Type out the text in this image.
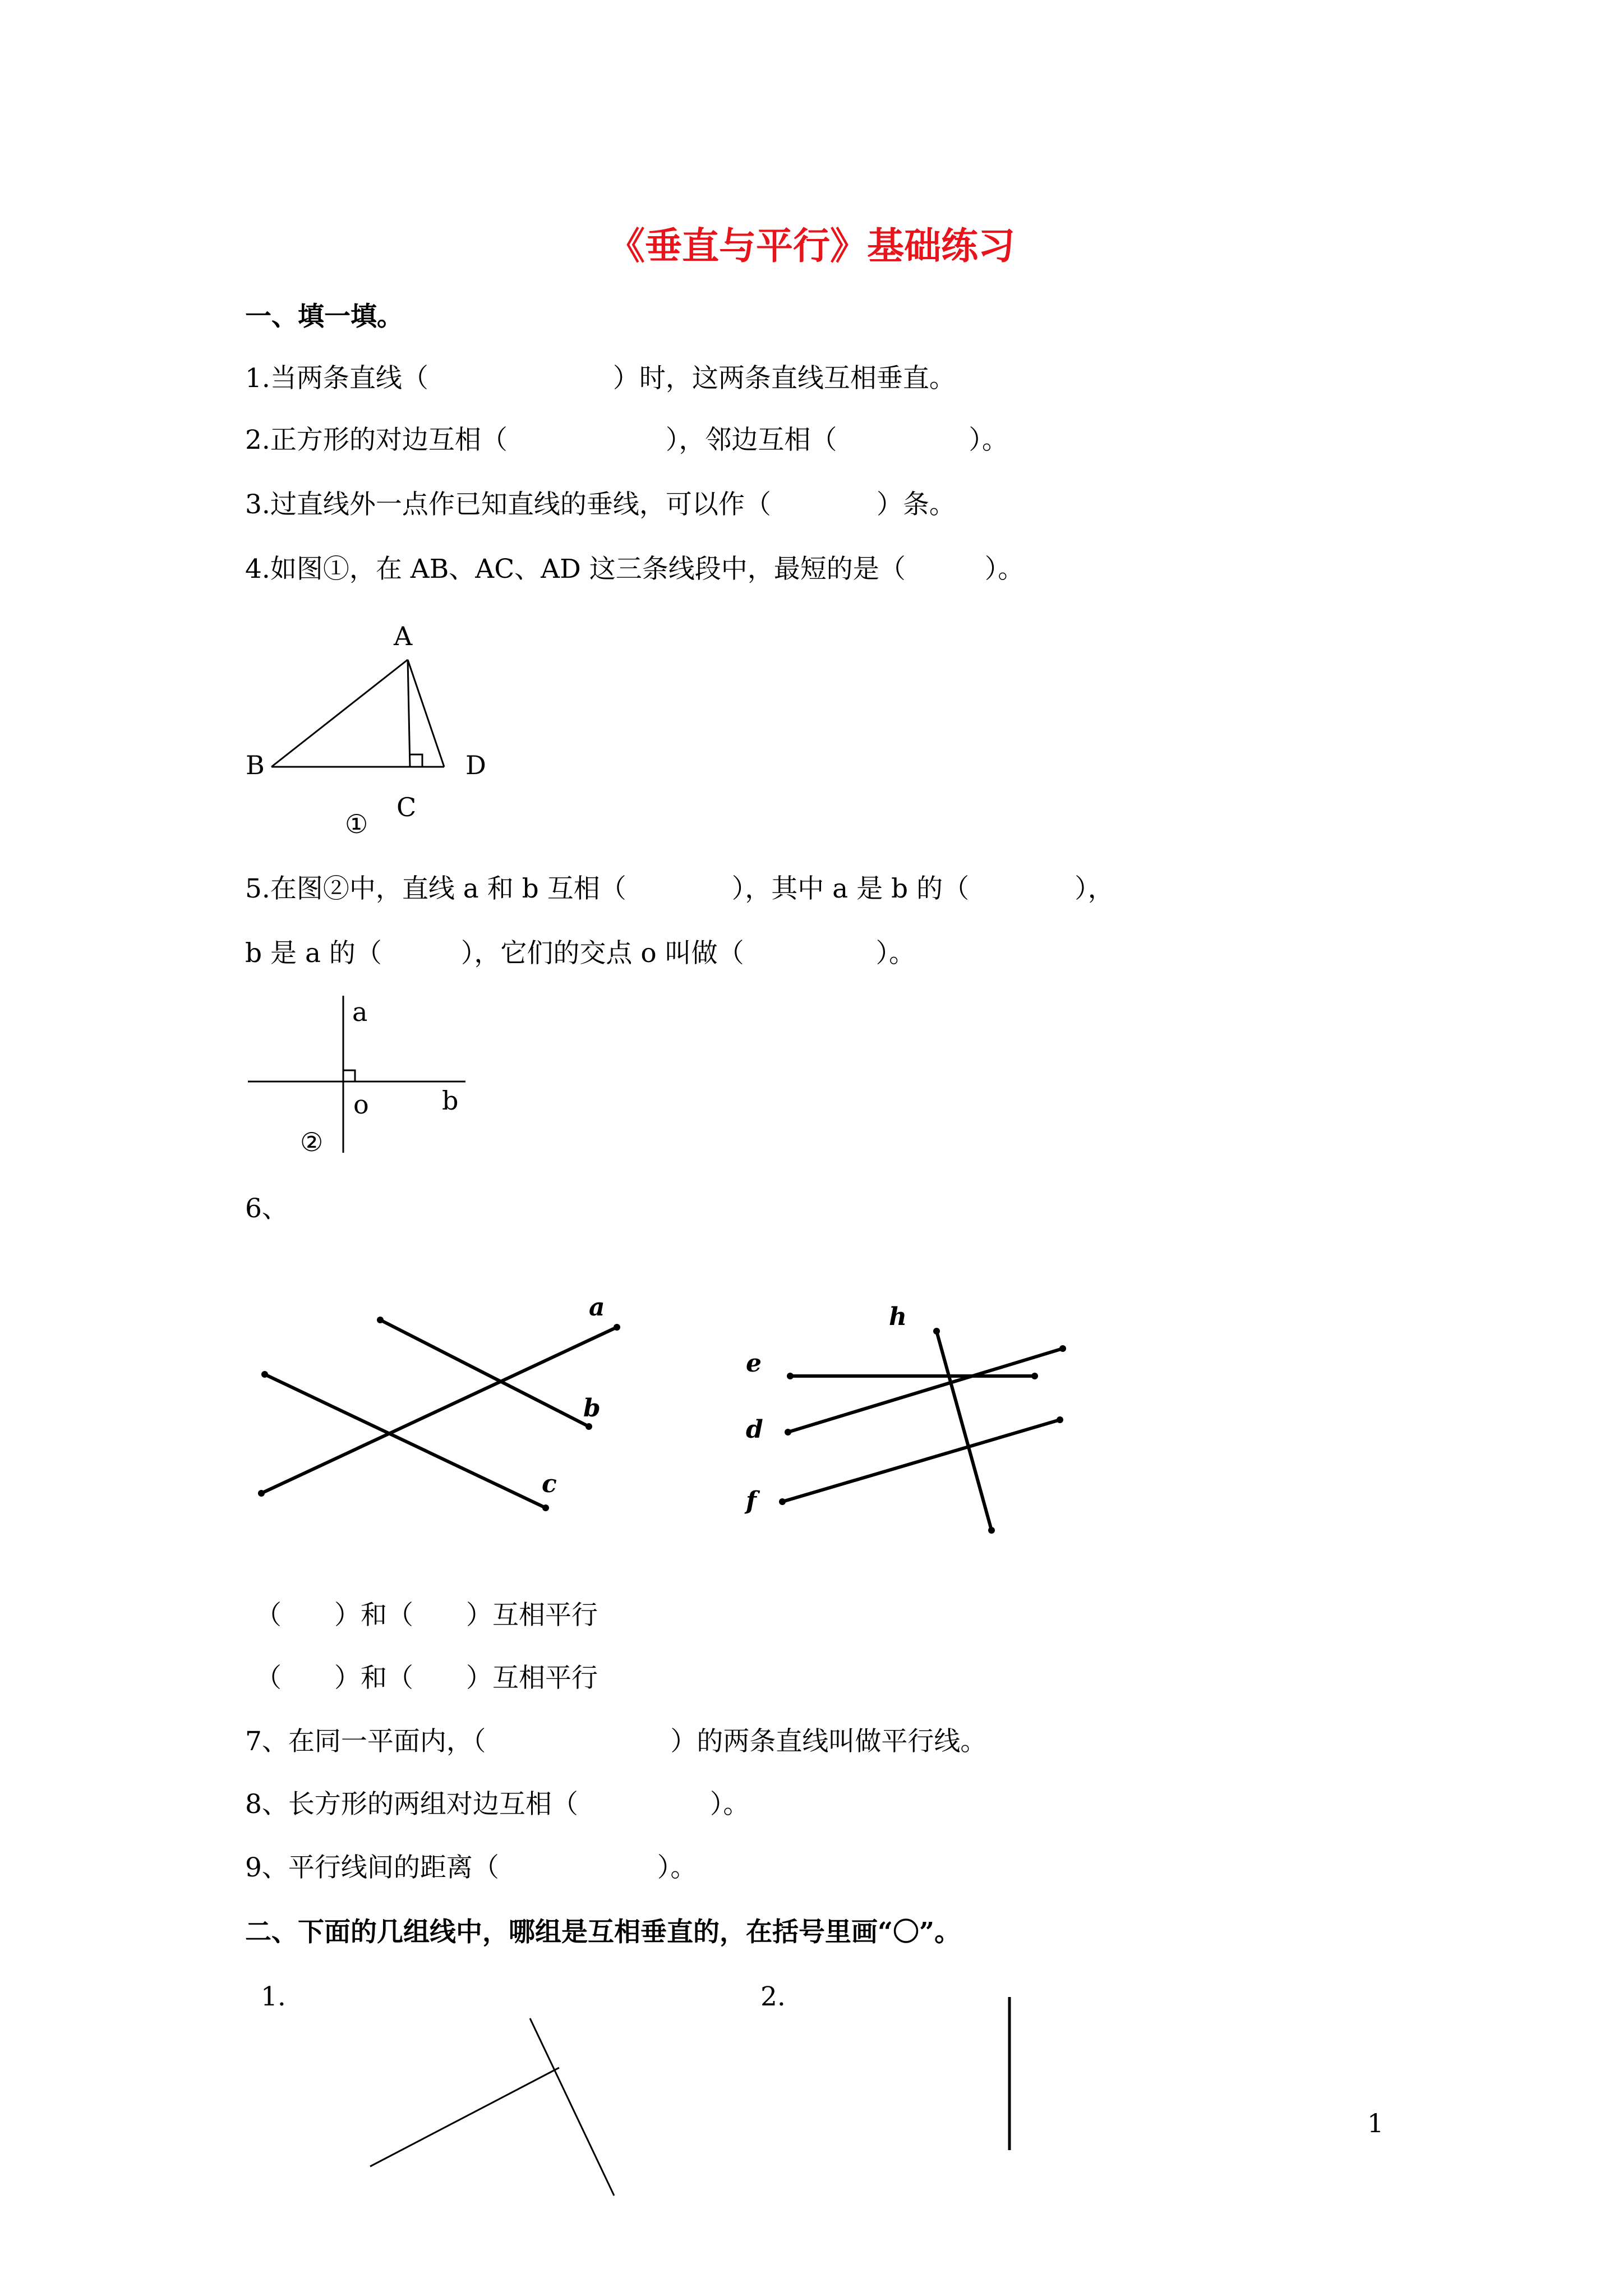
《垂直与平行》基础练习
一、填一填。
1.当两条直线（　　　　　　　）时，这两条直线互相垂直。
2.正方形的对边互相（　　　　　　），邻边互相（　　　　　）。
3.过直线外一点作已知直线的垂线，可以作（　　　　）条。
4.如图①，在 AB、AC、AD 这三条线段中，最短的是（　　　）。
A
B
C
D
①
5.在图②中，直线 a 和 b 互相（　　　　），其中 a 是 b 的（　　　　），
b 是 a 的（　　　），它们的交点 o 叫做（　　　　　）。
a
o	b
②
6、
a
b
c
h
e
d
f
（　　）和（　　）互相平行
（　　）和（　　）互相平行
7、在同一平面内，（　　　　　　　）的两条直线叫做平行线。
8、长方形的两组对边互相（　　　　　）。
9、平行线间的距离（　　　　　　）。
二、下面的几组线中，哪组是互相垂直的，在括号里画“〇”。
1.	2.
1
